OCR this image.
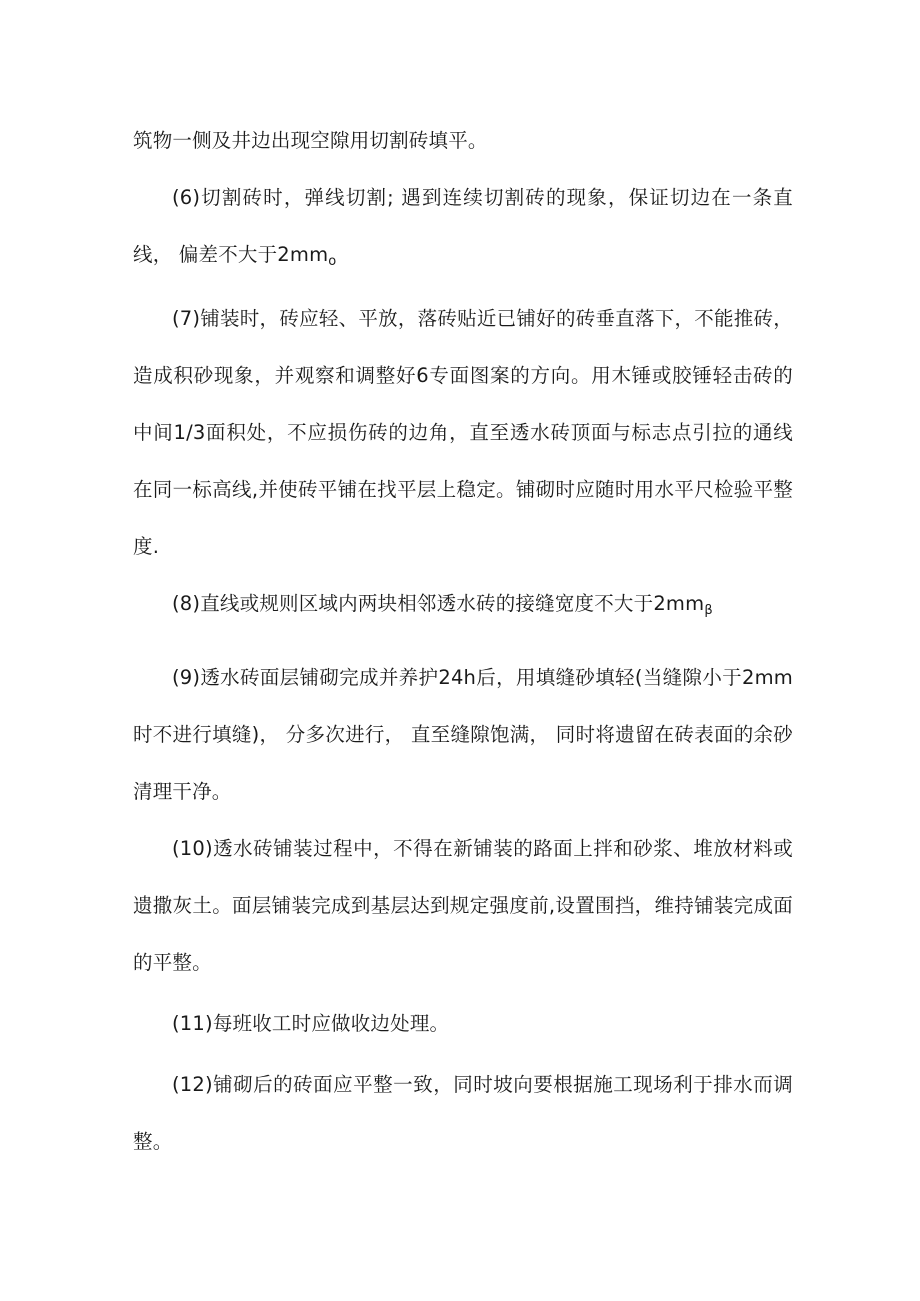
筑物一侧及井边出现空隙用切割砖填平。

(6)切割砖时，弹线切割; 遇到连续切割砖的现象，保证切边在一条直线， 偏差不大于$2mm_o$

(7)铺装时，砖应轻、平放，落砖贴近已铺好的砖垂直落下，不能推砖，造成积砂现象，并观察和调整好6专面图案的方向。用木锤或胶锤轻击砖的中间1/3面积处，不应损伤砖的边角，直至透水砖顶面与标志点引拉的通线在同一标高线,并使砖平铺在找平层上稳定。铺砌时应随时用水平尺检验平整度.

(8)直线或规则区域内两块相邻透水砖的接缝宽度不大于$2mm_\beta$

(9)透水砖面层铺砌完成并养护24h后，用填缝砂填轻(当缝隙小于2mm时不进行填缝)， 分多次进行， 直至缝隙饱满， 同时将遗留在砖表面的余砂清理干净。

(10)透水砖铺装过程中，不得在新铺装的路面上拌和砂浆、堆放材料或遗撒灰土。面层铺装完成到基层达到规定强度前,设置围挡，维持铺装完成面的平整。

(11)每班收工时应做收边处理。

(12)铺砌后的砖面应平整一致，同时坡向要根据施工现场利于排水而调整。
